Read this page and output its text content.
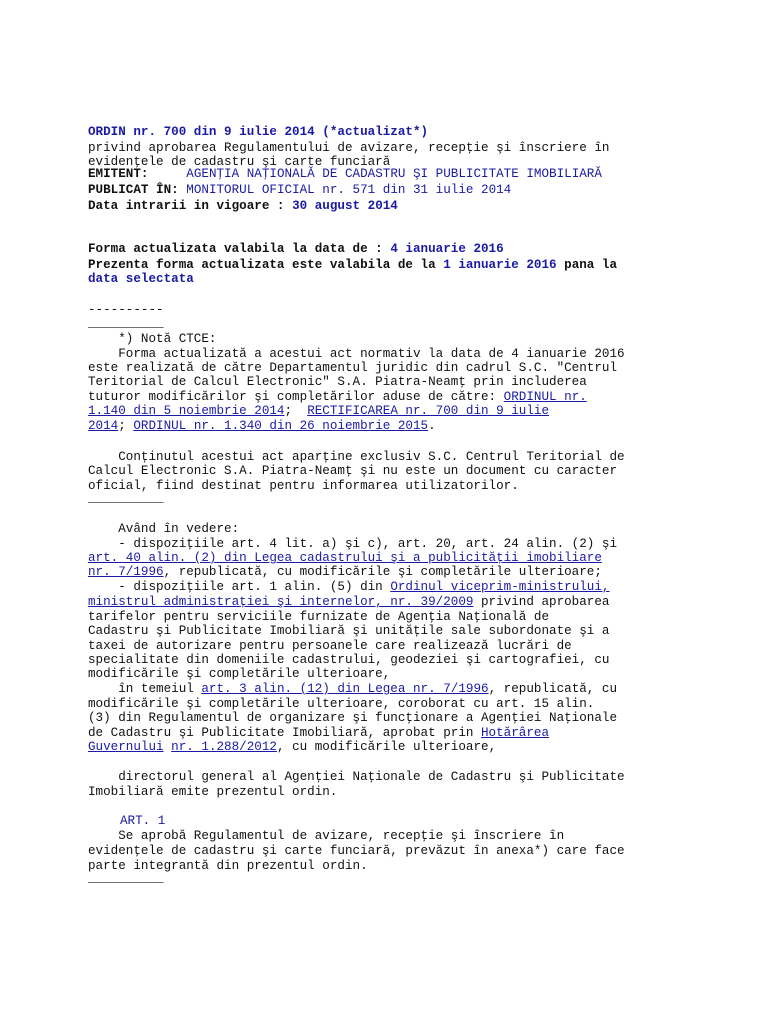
ORDIN nr. 700 din 9 iulie 2014 (*actualizat*)
privind aprobarea Regulamentului de avizare, recepţie şi înscriere în
evidenţele de cadastru şi carte funciară
EMITENT:	AGENŢIA NAŢIONALĂ DE CADASTRU ŞI PUBLICITATE IMOBILIARĂ
PUBLICAT ÎN: MONITORUL OFICIAL nr. 571 din 31 iulie 2014
Data intrarii in vigoare : 30 august 2014
Forma actualizata valabila la data de : 4 ianuarie 2016
Prezenta forma actualizata este valabila de la 1 ianuarie 2016 pana la
data selectata
----------
__________
*) Notă CTCE:
Forma actualizată a acestui act normativ la data de 4 ianuarie 2016
este realizată de către Departamentul juridic din cadrul S.C. "Centrul
Teritorial de Calcul Electronic" S.A. Piatra-Neamţ prin includerea
tuturor modificărilor şi completărilor aduse de către: ORDINUL nr.
1.140 din 5 noiembrie 2014;  RECTIFICAREA nr. 700 din 9 iulie
2014; ORDINUL nr. 1.340 din 26 noiembrie 2015.
Conţinutul acestui act aparţine exclusiv S.C. Centrul Teritorial de
Calcul Electronic S.A. Piatra-Neamţ şi nu este un document cu caracter
oficial, fiind destinat pentru informarea utilizatorilor.
__________
Având în vedere:
- dispoziţiile art. 4 lit. a) şi c), art. 20, art. 24 alin. (2) şi
art. 40 alin. (2) din Legea cadastrului şi a publicităţii imobiliare
nr. 7/1996, republicată, cu modificările şi completările ulterioare;
- dispoziţiile art. 1 alin. (5) din Ordinul viceprim-ministrului,
ministrul administraţiei şi internelor, nr. 39/2009 privind aprobarea
tarifelor pentru serviciile furnizate de Agenţia Naţională de
Cadastru şi Publicitate Imobiliară şi unităţile sale subordonate şi a
taxei de autorizare pentru persoanele care realizează lucrări de
specialitate din domeniile cadastrului, geodeziei şi cartografiei, cu
modificările şi completările ulterioare,
în temeiul art. 3 alin. (12) din Legea nr. 7/1996, republicată, cu
modificările şi completările ulterioare, coroborat cu art. 15 alin.
(3) din Regulamentul de organizare şi funcţionare a Agenţiei Naţionale
de Cadastru şi Publicitate Imobiliară, aprobat prin Hotărârea
Guvernului nr. 1.288/2012, cu modificările ulterioare,
directorul general al Agenţiei Naţionale de Cadastru şi Publicitate
Imobiliară emite prezentul ordin.
ART. 1
Se aprobă Regulamentul de avizare, recepţie şi înscriere în
evidenţele de cadastru şi carte funciară, prevăzut în anexa*) care face
parte integrantă din prezentul ordin.
__________
